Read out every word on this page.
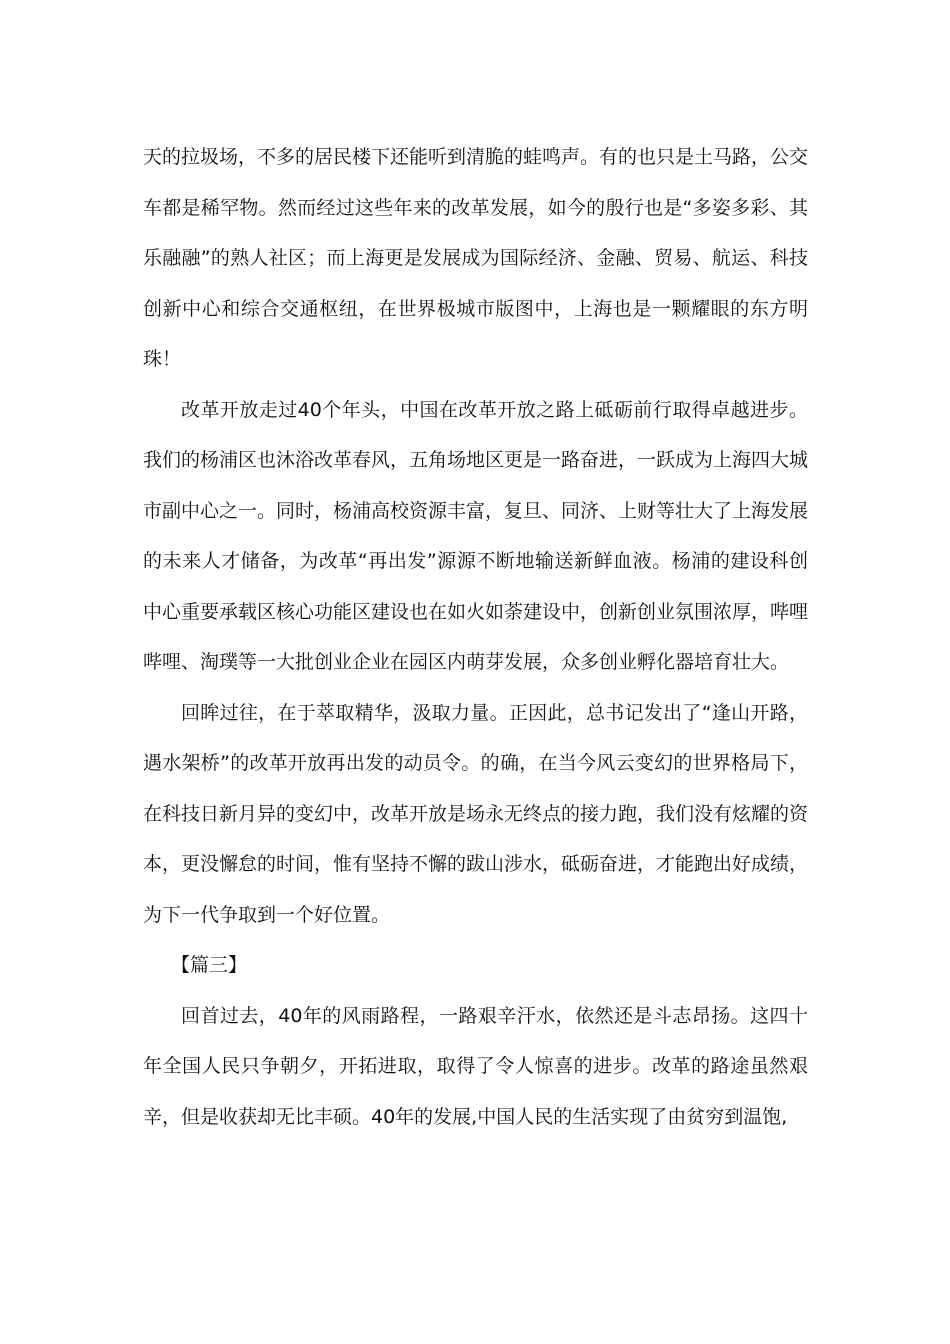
天的拉圾场，不多的居民楼下还能听到清脆的蛙鸣声。有的也只是土马路，公交车都是稀罕物。然而经过这些年来的改革发展，如今的殷行也是“多姿多彩、其乐融融”的熟人社区；而上海更是发展成为国际经济、金融、贸易、航运、科技创新中心和综合交通枢纽，在世界极城市版图中，上海也是一颗耀眼的东方明珠！

改革开放走过40个年头，中国在改革开放之路上砥砺前行取得卓越进步。我们的杨浦区也沐浴改革春风，五角场地区更是一路奋进，一跃成为上海四大城市副中心之一。同时，杨浦高校资源丰富，复旦、同济、上财等壮大了上海发展的未来人才储备，为改革“再出发”源源不断地输送新鲜血液。杨浦的建设科创中心重要承载区核心功能区建设也在如火如荼建设中，创新创业氛围浓厚，哔哩哔哩、淘璞等一大批创业企业在园区内萌芽发展，众多创业孵化器培育壮大。

回眸过往，在于萃取精华，汲取力量。正因此，总书记发出了“逢山开路，遇水架桥”的改革开放再出发的动员令。的确，在当今风云变幻的世界格局下，在科技日新月异的变幻中，改革开放是场永无终点的接力跑，我们没有炫耀的资本，更没懈怠的时间，惟有坚持不懈的跋山涉水，砥砺奋进，才能跑出好成绩，为下一代争取到一个好位置。

【篇三】

回首过去，40年的风雨路程，一路艰辛汗水，依然还是斗志昂扬。这四十年全国人民只争朝夕，开拓进取，取得了令人惊喜的进步。改革的路途虽然艰辛，但是收获却无比丰硕。40年的发展,中国人民的生活实现了由贫穷到温饱,
